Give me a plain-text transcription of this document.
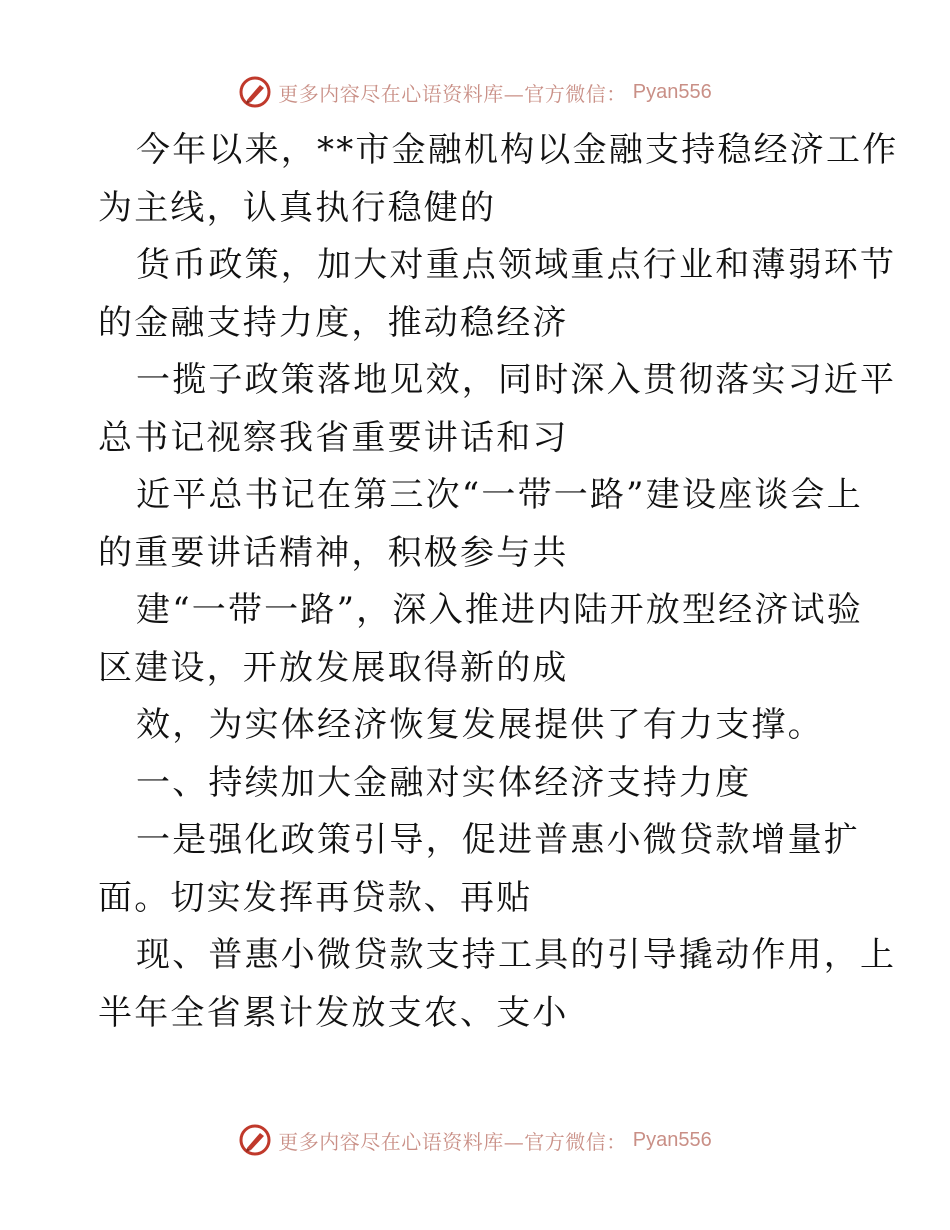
更多内容尽在心语资料库—官方微信： Pyan556
今年以来，**市金融机构以金融支持稳经济工作
为主线，认真执行稳健的
货币政策，加大对重点领域重点行业和薄弱环节
的金融支持力度，推动稳经济
一揽子政策落地见效，同时深入贯彻落实习近平
总书记视察我省重要讲话和习
近平总书记在第三次“一带一路”建设座谈会上
的重要讲话精神，积极参与共
建“一带一路”，深入推进内陆开放型经济试验
区建设，开放发展取得新的成
效，为实体经济恢复发展提供了有力支撑。
一、持续加大金融对实体经济支持力度
一是强化政策引导，促进普惠小微贷款增量扩
面。切实发挥再贷款、再贴
现、普惠小微贷款支持工具的引导撬动作用，上
半年全省累计发放支农、支小
更多内容尽在心语资料库—官方微信： Pyan556
